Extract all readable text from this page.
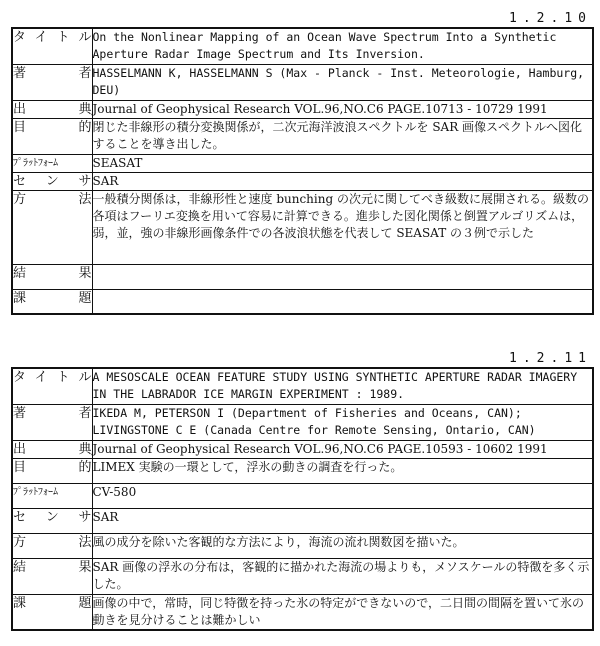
1.2.10
タイトル	On the Nonlinear Mapping of an Ocean Wave Spectrum Into a Synthetic Aperture Radar Image Spectrum and Its Inversion.
著　者	HASSELMANN K, HASSELMANN S (Max - Planck - Inst. Meteorologie, Hamburg, DEU)
出　典	Journal of Geophysical Research VOL.96,NO.C6 PAGE.10713 - 10729 1991
目　的	閉じた非線形の積分変換関係が，二次元海洋波浪スペクトルを SAR 画像スペクトルへ図化することを導き出した。
ﾌﾟﾗｯﾄﾌｫｰﾑ	SEASAT
センサ	SAR
方　法	一般積分関係は，非線形性と速度 bunching の次元に関してべき級数に展開される。級数の各項はフーリエ変換を用いて容易に計算できる。進歩した図化関係と倒置アルゴリズムは，弱，並，強の非線形画像条件での各波浪状態を代表して SEASAT の３例で示した
結　果	
課　題	
1.2.11
タイトル	A MESOSCALE OCEAN FEATURE STUDY USING SYNTHETIC APERTURE RADAR IMAGERY IN THE LABRADOR ICE MARGIN EXPERIMENT : 1989.
著　者	IKEDA M, PETERSON I (Department of Fisheries and Oceans, CAN); LIVINGSTONE C E (Canada Centre for Remote Sensing, Ontario, CAN)
出　典	Journal of Geophysical Research VOL.96,NO.C6 PAGE.10593 - 10602 1991
目　的	LIMEX 実験の一環として，浮氷の動きの調査を行った。
ﾌﾟﾗｯﾄﾌｫｰﾑ	CV-580
センサ	SAR
方　法	風の成分を除いた客観的な方法により，海流の流れ関数図を描いた。
結　果	SAR 画像の浮氷の分布は，客観的に描かれた海流の場よりも，メソスケールの特徴を多く示した。
課　題	画像の中で，常時，同じ特徴を持った氷の特定ができないので，二日間の間隔を置いて氷の動きを見分けることは難かしい
